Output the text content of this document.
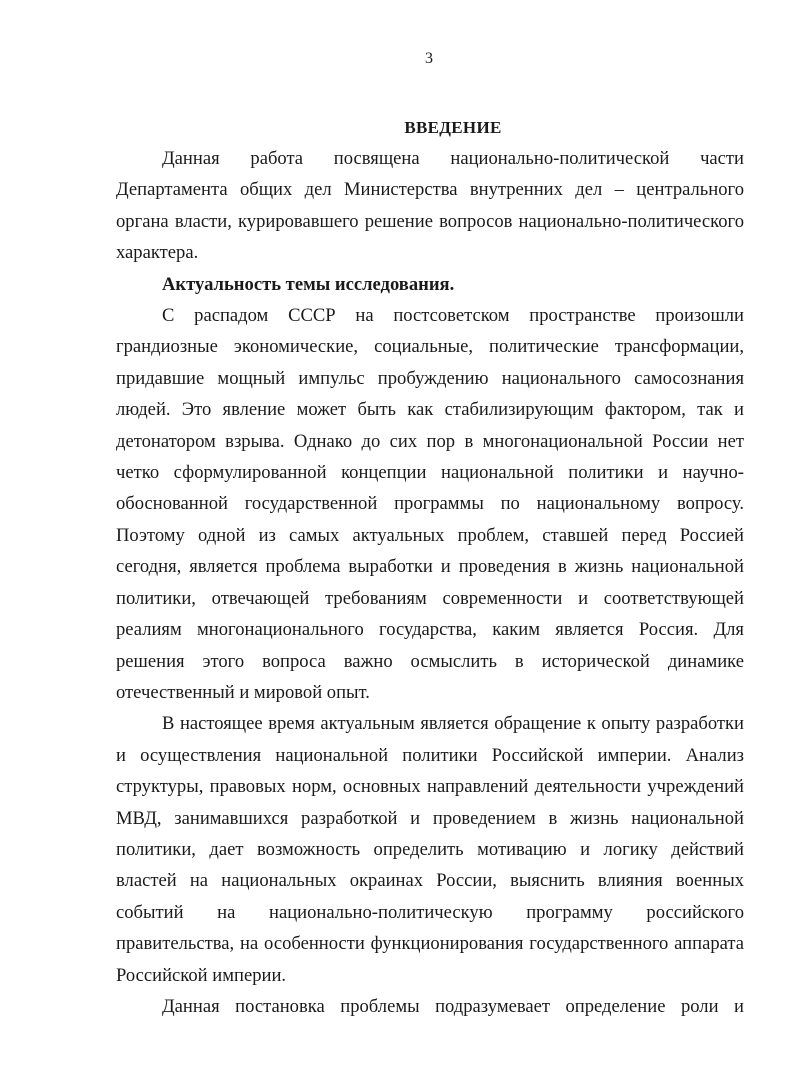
3
ВВЕДЕНИЕ

Данная работа посвящена национально-политической части Департамента общих дел Министерства внутренних дел – центрального органа власти, курировавшего решение вопросов национально-политического характера.

Актуальность темы исследования.

С распадом СССР на постсоветском пространстве произошли грандиозные экономические, социальные, политические трансформации, придавшие мощный импульс пробуждению национального самосознания людей. Это явление может быть как стабилизирующим фактором, так и детонатором взрыва. Однако до сих пор в многонациональной России нет четко сформулированной концепции национальной политики и научно-обоснованной государственной программы по национальному вопросу. Поэтому одной из самых актуальных проблем, ставшей перед Россией сегодня, является проблема выработки и проведения в жизнь национальной политики, отвечающей требованиям современности и соответствующей реалиям многонационального государства, каким является Россия. Для решения этого вопроса важно осмыслить в исторической динамике отечественный и мировой опыт.

В настоящее время актуальным является обращение к опыту разработки и осуществления национальной политики Российской империи. Анализ структуры, правовых норм, основных направлений деятельности учреждений МВД, занимавшихся разработкой и проведением в жизнь национальной политики, дает возможность определить мотивацию и логику действий властей на национальных окраинах России, выяснить влияния военных событий на национально-политическую программу российского правительства, на особенности функционирования государственного аппарата Российской империи.

Данная постановка проблемы подразумевает определение роли и
